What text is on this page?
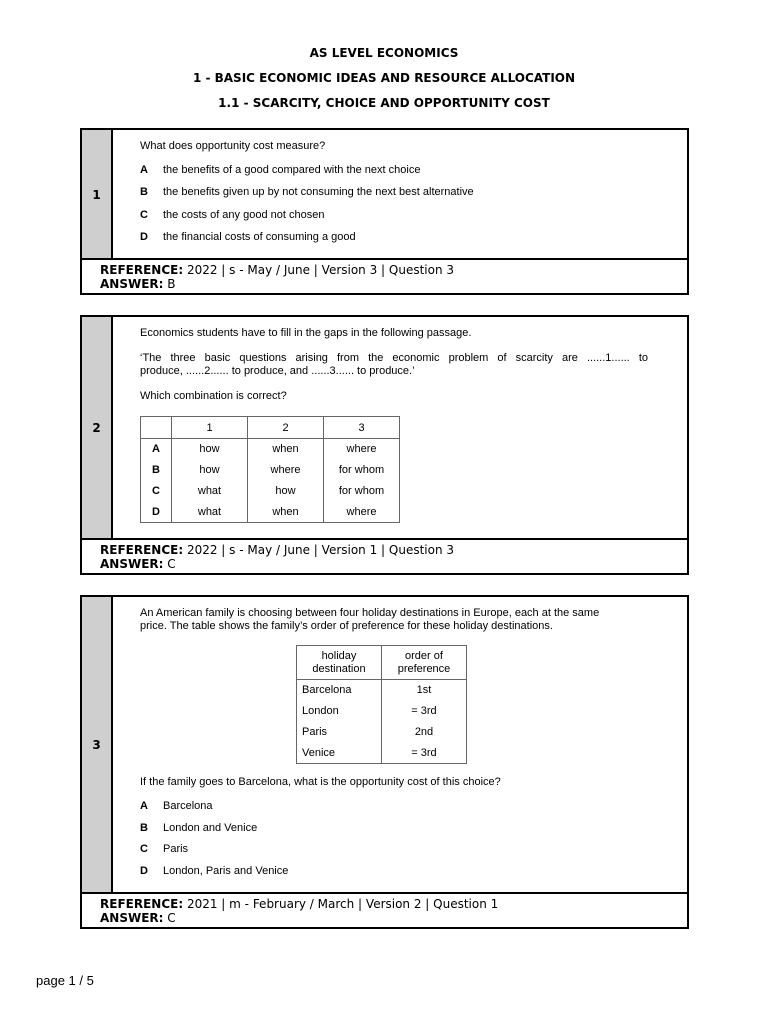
AS LEVEL ECONOMICS
1 - BASIC ECONOMIC IDEAS AND RESOURCE ALLOCATION
1.1 - SCARCITY, CHOICE AND OPPORTUNITY COST
1
What does opportunity cost measure?
A the benefits of a good compared with the next choice
B the benefits given up by not consuming the next best alternative
C the costs of any good not chosen
D the financial costs of consuming a good
REFERENCE: 2022 | s - May / June | Version 3 | Question 3
ANSWER: B
2
Economics students have to fill in the gaps in the following passage.
‘The three basic questions arising from the economic problem of scarcity are ......1...... to
produce, ......2...... to produce, and ......3...... to produce.’
Which combination is correct?
	1	2	3
A	how	when	where
B	how	where	for whom
C	what	how	for whom
D	what	when	where
REFERENCE: 2022 | s - May / June | Version 1 | Question 3
ANSWER: C
3
An American family is choosing between four holiday destinations in Europe, each at the same
price. The table shows the family’s order of preference for these holiday destinations.
holiday
destination	order of
preference
Barcelona	1st
London	= 3rd
Paris	2nd
Venice	= 3rd
If the family goes to Barcelona, what is the opportunity cost of this choice?
A Barcelona
B London and Venice
C Paris
D London, Paris and Venice
REFERENCE: 2021 | m - February / March | Version 2 | Question 1
ANSWER: C
page 1 / 5
